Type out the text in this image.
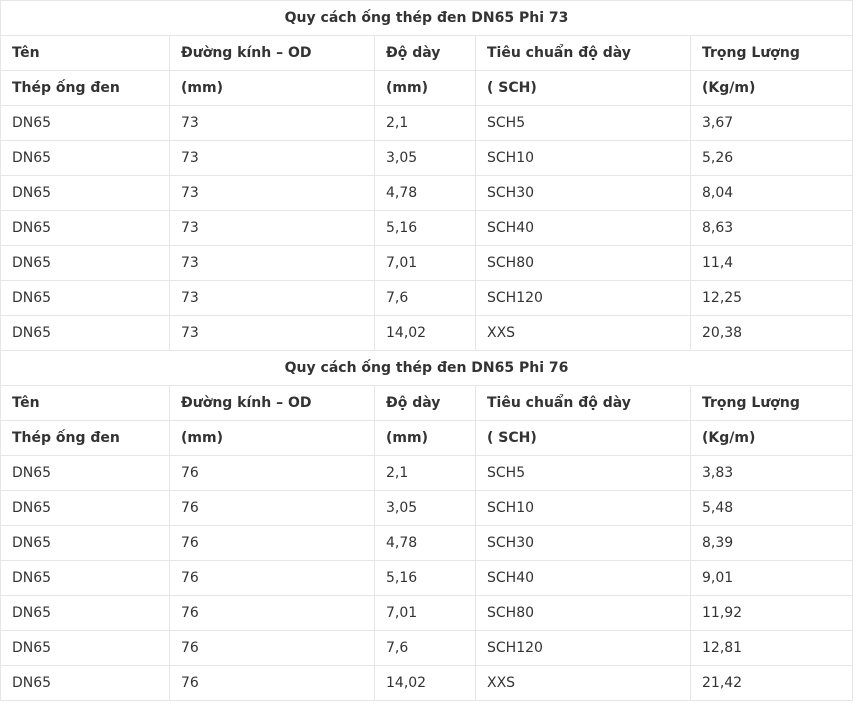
Quy cách ống thép đen DN65 Phi 73				
Tên	Đường kính – OD	Độ dày	Tiêu chuẩn độ dày	Trọng Lượng
Thép ống đen	(mm)	(mm)	( SCH)	(Kg/m)
DN65	73	2,1	SCH5	3,67
DN65	73	3,05	SCH10	5,26
DN65	73	4,78	SCH30	8,04
DN65	73	5,16	SCH40	8,63
DN65	73	7,01	SCH80	11,4
DN65	73	7,6	SCH120	12,25
DN65	73	14,02	XXS	20,38
Quy cách ống thép đen DN65 Phi 76				
Tên	Đường kính – OD	Độ dày	Tiêu chuẩn độ dày	Trọng Lượng
Thép ống đen	(mm)	(mm)	( SCH)	(Kg/m)
DN65	76	2,1	SCH5	3,83
DN65	76	3,05	SCH10	5,48
DN65	76	4,78	SCH30	8,39
DN65	76	5,16	SCH40	9,01
DN65	76	7,01	SCH80	11,92
DN65	76	7,6	SCH120	12,81
DN65	76	14,02	XXS	21,42
